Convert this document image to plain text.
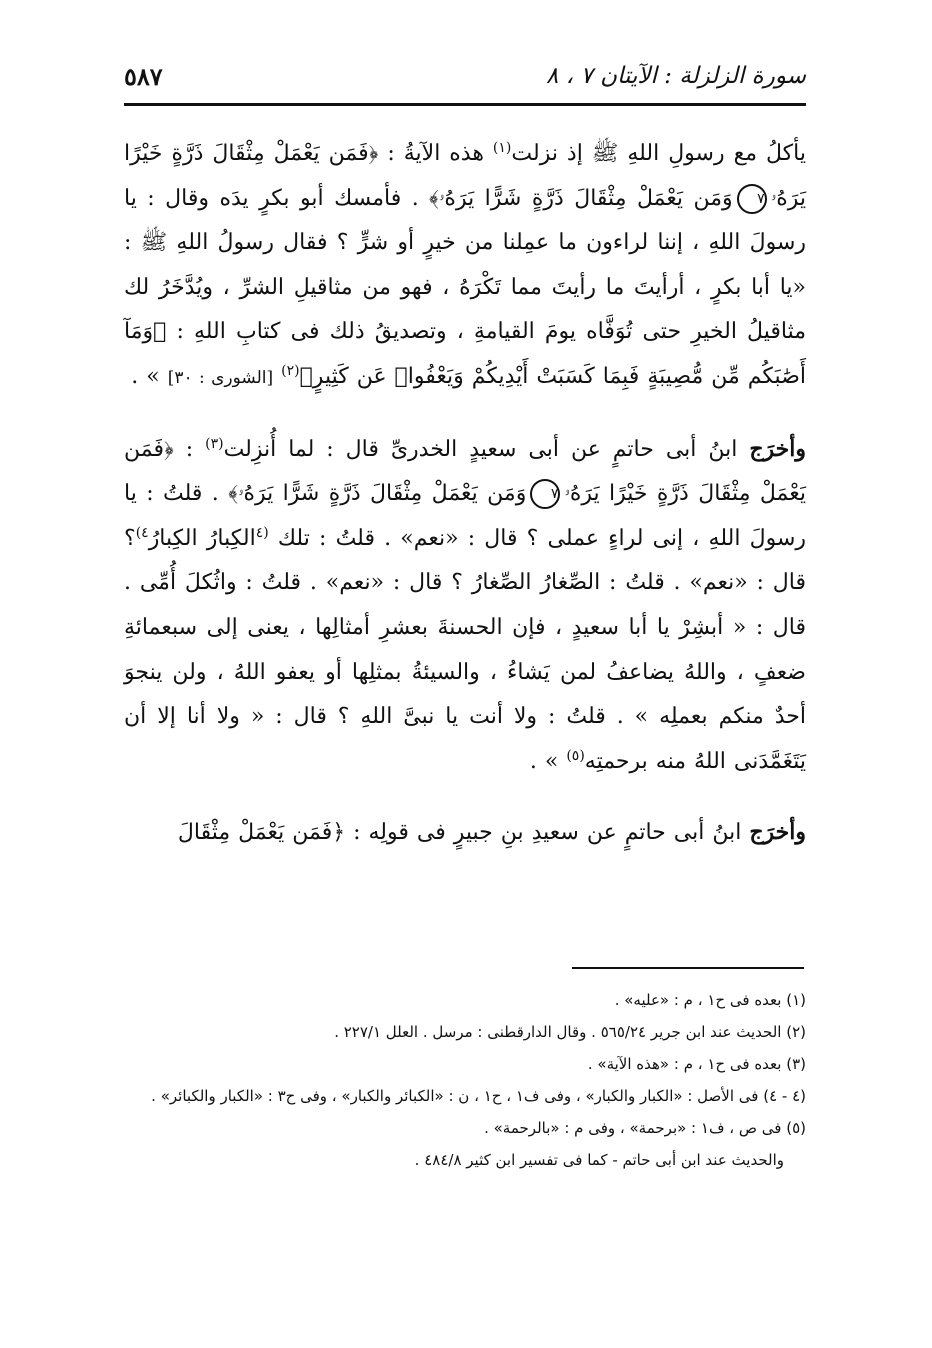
سورة الزلزلة : الآيتان ٧ ، ٨
٥٨٧

يأكلُ مع رسولِ اللهِ ﷺ إذ نزلت$^{(١)}$ هذه الآيةُ : ﴿فَمَن يَعْمَلْ مِثْقَالَ ذَرَّةٍ خَيْرًا يَرَهُۥ٧وَمَن يَعْمَلْ مِثْقَالَ ذَرَّةٍ شَرًّا يَرَهُۥ﴾ . فأمسك أبو بكرٍ يدَه وقال : يا رسولَ اللهِ ، إننا لراءون ما عمِلنا من خيرٍ أو شرٍّ ؟ فقال رسولُ اللهِ ﷺ : «يا أبا بكرٍ ، أرأيتَ ما رأيتَ مما تَكْرَهُ ، فهو من مثاقيلِ الشرِّ ، ويُدَّخَرُ لك مثاقيلُ الخيرِ حتى تُوَفَّاه يومَ القيامةِ ، وتصديقُ ذلك فى كتابِ اللهِ : ﴿وَمَآ أَصَٰبَكُم مِّن مُّصِيبَةٍ فَبِمَا كَسَبَتْ أَيْدِيكُمْ وَيَعْفُوا۟ عَن كَثِيرٍ﴾$^{(٢)}$ [الشورى : ٣٠] » .

وأخرَج ابنُ أبى حاتمٍ عن أبى سعيدٍ الخدرىِّ قال : لما أُنزِلت$^{(٣)}$ : ﴿فَمَن يَعْمَلْ مِثْقَالَ ذَرَّةٍ خَيْرًا يَرَهُۥ٧وَمَن يَعْمَلْ مِثْقَالَ ذَرَّةٍ شَرًّا يَرَهُۥ﴾ . قلتُ : يا رسولَ اللهِ ، إنى لراءٍ عملى ؟ قال : «نعم» . قلتُ : تلك $^{(٤}$الكِبارُ الكِبارُ$^{٤)}$؟ قال : «نعم» . قلتُ : الصِّغارُ الصِّغارُ ؟ قال : «نعم» . قلتُ : واثُكلَ أُمِّى . قال : « أبشِرْ يا أبا سعيدٍ ، فإن الحسنةَ بعشرِ أمثالِها ، يعنى إلى سبعمائةِ ضعفٍ ، واللهُ يضاعفُ لمن يَشاءُ ، والسيئةُ بمثلِها أو يعفو اللهُ ، ولن ينجوَ أحدٌ منكم بعملِه » . قلتُ : ولا أنت يا نبىَّ اللهِ ؟ قال : « ولا أنا إلا أن يَتَغَمَّدَنى اللهُ منه برحمتِه$^{(٥)}$ » .

وأخرَج ابنُ أبى حاتمٍ عن سعيدِ بنِ جبيرٍ فى قولِه : ﴿فَمَن يَعْمَلْ مِثْقَالَ

(١) بعده فى ح١ ، م : «عليه» .

(٢) الحديث عند ابن جرير ٥٦٥/٢٤ . وقال الدارقطنى : مرسل . العلل ٢٢٧/١ .

(٣) بعده فى ح١ ، م : «هذه الآية» .

(٤ - ٤) فى الأصل : «الكبار والكبار» ، وفى ف١ ، ح١ ، ن : «الكبائر والكبار» ، وفى ح٣ : «الكبار والكبائر» .

(٥) فى ص ، ف١ : «برحمة» ، وفى م : «بالرحمة» .

والحديث عند ابن أبى حاتم - كما فى تفسير ابن كثير ٤٨٤/٨ .
